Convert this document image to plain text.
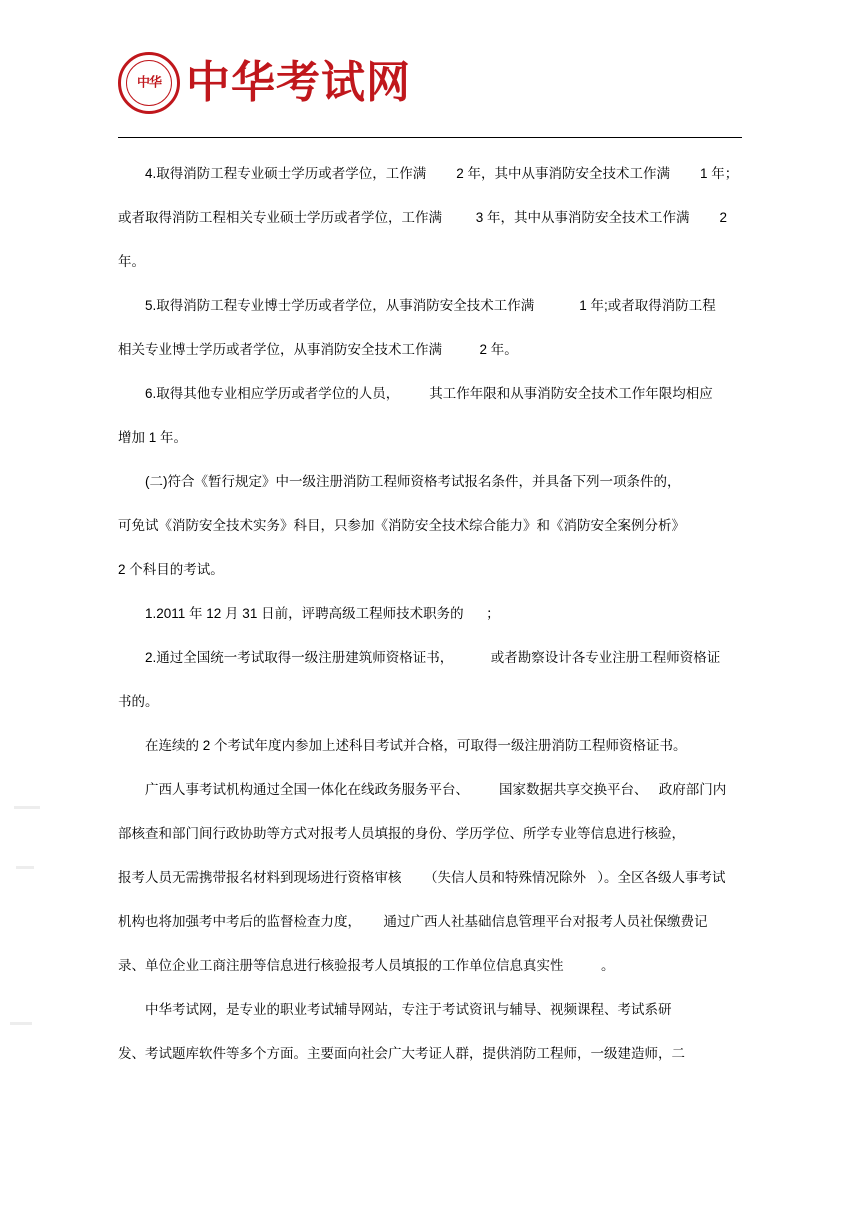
中华 中华考试网

4.取得消防工程专业硕士学历或者学位，工作满        2 年，其中从事消防安全技术工作满        1 年；

或者取得消防工程相关专业硕士学历或者学位，工作满         3 年，其中从事消防安全技术工作满        2

年。

5.取得消防工程专业博士学历或者学位，从事消防安全技术工作满            1 年;或者取得消防工程

相关专业博士学历或者学位，从事消防安全技术工作满          2 年。

6.取得其他专业相应学历或者学位的人员，        其工作年限和从事消防安全技术工作年限均相应

增加 1 年。

(二)符合《暂行规定》中一级注册消防工程师资格考试报名条件，并具备下列一项条件的，

可免试《消防安全技术实务》科目，只参加《消防安全技术综合能力》和《消防安全案例分析》

2 个科目的考试。

1.2011 年 12 月 31 日前，评聘高级工程师技术职务的      ；

2.通过全国统一考试取得一级注册建筑师资格证书，          或者勘察设计各专业注册工程师资格证

书的。

在连续的 2 个考试年度内参加上述科目考试并合格，可取得一级注册消防工程师资格证书。

广西人事考试机构通过全国一体化在线政务服务平台、        国家数据共享交换平台、   政府部门内

部核查和部门间行政协助等方式对报考人员填报的身份、学历学位、所学专业等信息进行核验，

报考人员无需携带报名材料到现场进行资格审核      （失信人员和特殊情况除外   ）。全区各级人事考试

机构也将加强考中考后的监督检查力度，      通过广西人社基础信息管理平台对报考人员社保缴费记

录、单位企业工商注册等信息进行核验报考人员填报的工作单位信息真实性          。

中华考试网，是专业的职业考试辅导网站，专注于考试资讯与辅导、视频课程、考试系研

发、考试题库软件等多个方面。主要面向社会广大考证人群，提供消防工程师，一级建造师，二
